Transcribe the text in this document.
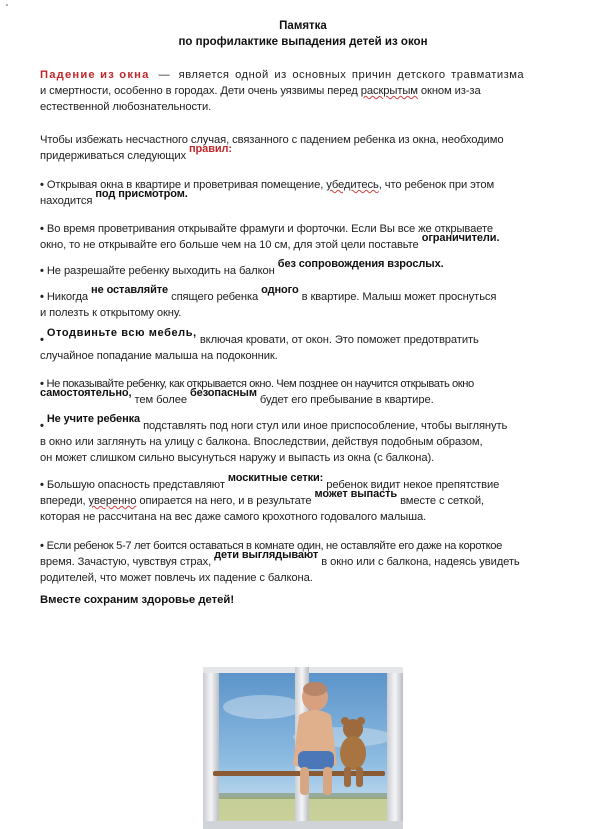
Памятка
по профилактике выпадения детей из окон

Падение из окна — является одной из основных причин детского травматизма

и смертности, особенно в городах. Дети очень уязвимы перед раскрытым окном из-за

естественной любознательности.

Чтобы избежать несчастного случая, связанного с падением ребенка из окна, необходимо

придерживаться следующих правил:

• Открывая окна в квартире и проветривая помещение, убедитесь, что ребенок при этом

находится под присмотром.

• Во время проветривания открывайте фрамуги и форточки. Если Вы все же открываете

окно, то не открывайте его больше чем на 10 см, для этой цели поставьте ограничители.

• Не разрешайте ребенку выходить на балкон без сопровождения взрослых.

• Никогда не оставляйте спящего ребенка одного в квартире. Малыш может проснуться

и полезть к открытому окну.

•Отодвиньте всю мебель, включая кровати, от окон. Это поможет предотвратить

случайное попадание малыша на подоконник.

• Не показывайте ребенку, как открывается окно. Чем позднее он научится открывать окно

самостоятельно, тем более безопасным будет его пребывание в квартире.

•Не учите ребенка подставлять под ноги стул или иное приспособление, чтобы выглянуть

в окно или заглянуть на улицу с балкона. Впоследствии, действуя подобным образом,

он может слишком сильно высунуться наружу и выпасть из окна (с балкона).

• Большую опасность представляют москитные сетки: ребенок видит некое препятствие

впереди, уверенно опирается на него, и в результате может выпасть вместе с сеткой,

которая не рассчитана на вес даже самого крохотного годовалого малыша.

• Если ребенок 5-7 лет боится оставаться в комнате один, не оставляйте его даже на короткое

время. Зачастую, чувствуя страх, дети выглядывают в окно или с балкона, надеясь увидеть

родителей, что может повлечь их падение с балкона.

Вместе сохраним здоровье детей!
